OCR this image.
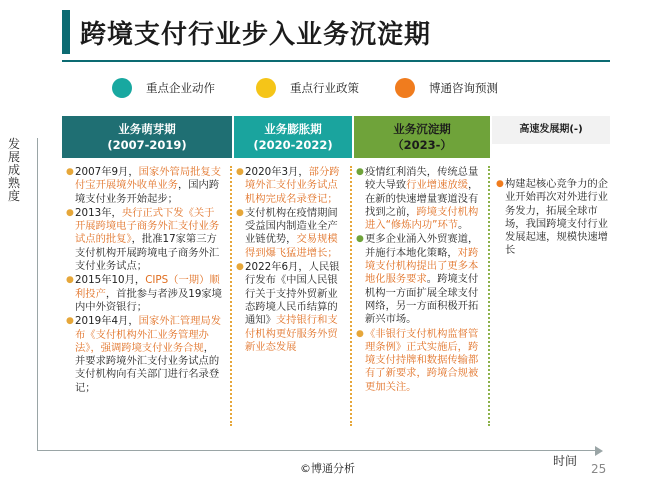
跨境支付行业步入业务沉淀期
重点企业动作	重点行业政策	博通咨询预测
发展成熟度
时间
业务萌芽期
(2007-2019)
业务膨胀期
(2020-2022)
业务沉淀期
（2023-）
高速发展期(-)
● 2007年9月，国家外管局批复支付宝开展境外收单业务，国内跨境支付业务开始起步；
● 2013年，央行正式下发《关于开展跨境电子商务外汇支付业务试点的批复》，批准17家第三方支付机构开展跨境电子商务外汇支付业务试点；
● 2015年10月，CIPS（一期）顺利投产，首批参与者涉及19家境内中外资银行；
● 2019年4月，国家外汇管理局发布《支付机构外汇业务管理办法》，强调跨境支付业务合规，并要求跨境外汇支付业务试点的支付机构向有关部门进行名录登记；
● 2020年3月，部分跨境外汇支付业务试点机构完成名录登记；
● 支付机构在疫情期间受益国内制造业全产业链优势，交易规模得到爆飞猛进增长；
● 2022年6月，人民银行发布《中国人民银行关于支持外贸新业态跨境人民币结算的通知》支持银行和支付机构更好服务外贸新业态发展
● 疫情红利消失，传统总量较大导致行业增速放缓，在新的快速增量赛道没有找到之前，跨境支付机构进入“修炼内功”环节。
● 更多企业涌入外贸赛道，并施行本地化策略，对跨境支付机构提出了更多本地化服务要求。跨境支付机构一方面扩展全球支付网络，另一方面积极开拓新兴市场。
● 《非银行支付机构监督管理条例》正式实施后，跨境支付持牌和数据传输都有了新要求，跨境合规被更加关注。
● 构建起核心竞争力的企业开始再次对外进行业务发力，拓展全球市场，我国跨境支付行业发展起速，规模快速增长
©博通分析	25
